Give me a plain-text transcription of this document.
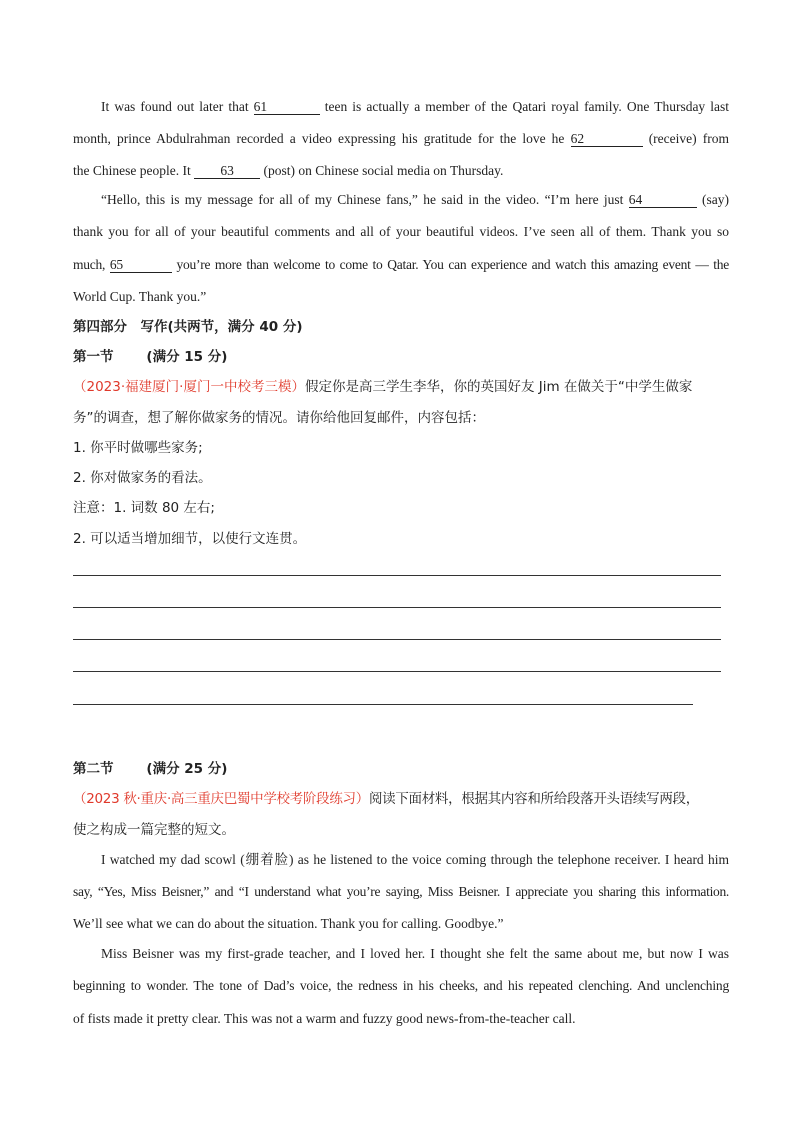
It was found out later that 61	teen is actually a member of the Qatari royal family. One Thursday last
month, prince Abdulrahman recorded a video expressing his gratitude for the love he 62	(receive) from
the Chinese people. It 63 (post) on Chinese social media on Thursday.
“Hello, this is my message for all of my Chinese fans,” he said in the video. “I’m here just 64	(say)
thank you for all of your beautiful comments and all of your beautiful videos. I’ve seen all of them. Thank you so
much, 65	you’re more than welcome to come to Qatar. You can experience and watch this amazing event — the
World Cup. Thank you.”
第四部分　写作(共两节，满分 40 分)
第一节 (满分 15 分)
（2023·福建厦门·厦门一中校考三模）假定你是高三学生李华，你的英国好友 Jim 在做关于“中学生做家
务”的调查，想了解你做家务的情况。请你给他回复邮件，内容包括：
1. 你平时做哪些家务;
2. 你对做家务的看法。
注意：1. 词数 80 左右;
2. 可以适当增加细节，以使行文连贯。
第二节 (满分 25 分)
（2023 秋·重庆·高三重庆巴蜀中学校考阶段练习）阅读下面材料，根据其内容和所给段落开头语续写两段，
使之构成一篇完整的短文。
I watched my dad scowl (绷着脸) as he listened to the voice coming through the telephone receiver. I heard him
say, “Yes, Miss Beisner,” and “I understand what you’re saying, Miss Beisner. I appreciate you sharing this information.
We’ll see what we can do about the situation. Thank you for calling. Goodbye.”
Miss Beisner was my first-grade teacher, and I loved her. I thought she felt the same about me, but now I was
beginning to wonder. The tone of Dad’s voice, the redness in his cheeks, and his repeated clenching. And unclenching
of fists made it pretty clear. This was not a warm and fuzzy good news-from-the-teacher call.
